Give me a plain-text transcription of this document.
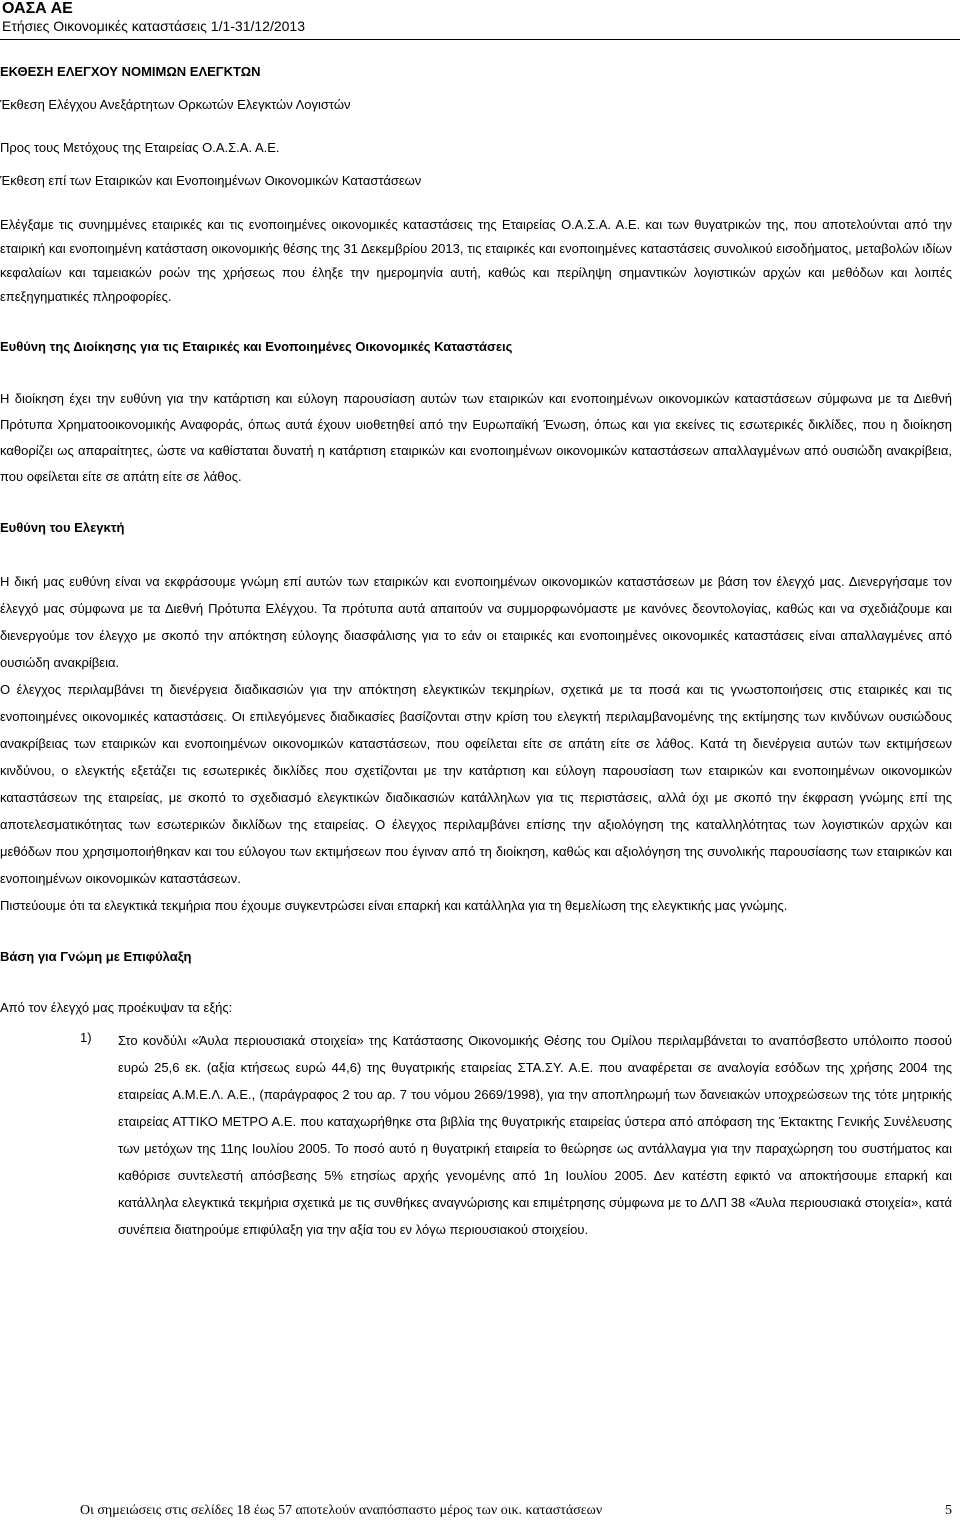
ΟΑΣΑ ΑΕ
Ετήσιες Οικονομικές καταστάσεις 1/1-31/12/2013

ΕΚΘΕΣΗ ΕΛΕΓΧΟΥ ΝΟΜΙΜΩΝ ΕΛΕΓΚΤΩΝ

Έκθεση Ελέγχου Ανεξάρτητων Ορκωτών Ελεγκτών Λογιστών

Προς τους Μετόχους της Εταιρείας Ο.Α.Σ.Α. Α.Ε.

Έκθεση επί των Εταιρικών και Ενοποιημένων Οικονομικών Καταστάσεων

Ελέγξαμε τις συνημμένες εταιρικές και τις ενοποιημένες οικονομικές καταστάσεις της Εταιρείας Ο.Α.Σ.Α. Α.Ε. και των θυγατρικών της, που αποτελούνται από την εταιρική και ενοποιημένη κατάσταση οικονομικής θέσης της 31 Δεκεμβρίου 2013, τις εταιρικές και ενοποιημένες καταστάσεις συνολικού εισοδήματος, μεταβολών ιδίων κεφαλαίων και ταμειακών ροών της χρήσεως που έληξε την ημερομηνία αυτή, καθώς και περίληψη σημαντικών λογιστικών αρχών και μεθόδων και λοιπές επεξηγηματικές πληροφορίες.

Ευθύνη της Διοίκησης για τις Εταιρικές και Ενοποιημένες Οικονομικές Καταστάσεις

Η διοίκηση έχει την ευθύνη για την κατάρτιση και εύλογη παρουσίαση αυτών των εταιρικών και ενοποιημένων οικονομικών καταστάσεων σύμφωνα με τα Διεθνή Πρότυπα Χρηματοοικονομικής Αναφοράς, όπως αυτά έχουν υιοθετηθεί από την Ευρωπαϊκή Ένωση, όπως και για εκείνες τις εσωτερικές δικλίδες, που η διοίκηση καθορίζει ως απαραίτητες, ώστε να καθίσταται δυνατή η κατάρτιση εταιρικών και ενοποιημένων οικονομικών καταστάσεων απαλλαγμένων από ουσιώδη ανακρίβεια, που οφείλεται είτε σε απάτη είτε σε λάθος.

Ευθύνη του Ελεγκτή

Η δική μας ευθύνη είναι να εκφράσουμε γνώμη επί αυτών των εταιρικών και ενοποιημένων οικονομικών καταστάσεων με βάση τον έλεγχό μας. Διενεργήσαμε τον έλεγχό μας σύμφωνα με τα Διεθνή Πρότυπα Ελέγχου. Τα πρότυπα αυτά απαιτούν να συμμορφωνόμαστε με κανόνες δεοντολογίας, καθώς και να σχεδιάζουμε και διενεργούμε τον έλεγχο με σκοπό την απόκτηση εύλογης διασφάλισης για το εάν οι εταιρικές και ενοποιημένες οικονομικές καταστάσεις είναι απαλλαγμένες από ουσιώδη ανακρίβεια.

Ο έλεγχος περιλαμβάνει τη διενέργεια διαδικασιών για την απόκτηση ελεγκτικών τεκμηρίων, σχετικά με τα ποσά και τις γνωστοποιήσεις στις εταιρικές και τις ενοποιημένες οικονομικές καταστάσεις. Οι επιλεγόμενες διαδικασίες βασίζονται στην κρίση του ελεγκτή περιλαμβανομένης της εκτίμησης των κινδύνων ουσιώδους ανακρίβειας των εταιρικών και ενοποιημένων οικονομικών καταστάσεων, που οφείλεται είτε σε απάτη είτε σε λάθος. Κατά τη διενέργεια αυτών των εκτιμήσεων κινδύνου, ο ελεγκτής εξετάζει τις εσωτερικές δικλίδες που σχετίζονται με την κατάρτιση και εύλογη παρουσίαση των εταιρικών και ενοποιημένων οικονομικών καταστάσεων της εταιρείας, με σκοπό το σχεδιασμό ελεγκτικών διαδικασιών κατάλληλων για τις περιστάσεις, αλλά όχι με σκοπό την έκφραση γνώμης επί της αποτελεσματικότητας των εσωτερικών δικλίδων της εταιρείας. Ο έλεγχος περιλαμβάνει επίσης την αξιολόγηση της καταλληλότητας των λογιστικών αρχών και μεθόδων που χρησιμοποιήθηκαν και του εύλογου των εκτιμήσεων που έγιναν από τη διοίκηση, καθώς και αξιολόγηση της συνολικής παρουσίασης των εταιρικών και ενοποιημένων οικονομικών καταστάσεων.

Πιστεύουμε ότι τα ελεγκτικά τεκμήρια που έχουμε συγκεντρώσει είναι επαρκή και κατάλληλα για τη θεμελίωση της ελεγκτικής μας γνώμης.

Βάση για Γνώμη με Επιφύλαξη

Από τον έλεγχό μας προέκυψαν τα εξής:

1) Στο κονδύλι «Άυλα περιουσιακά στοιχεία» της Κατάστασης Οικονομικής Θέσης του Ομίλου περιλαμβάνεται το αναπόσβεστο υπόλοιπο ποσού ευρώ 25,6 εκ. (αξία κτήσεως ευρώ 44,6) της θυγατρικής εταιρείας ΣΤΑ.ΣΥ. Α.Ε. που αναφέρεται σε αναλογία εσόδων της χρήσης 2004 της εταιρείας Α.Μ.Ε.Λ. Α.Ε., (παράγραφος 2 του αρ. 7 του νόμου 2669/1998), για την αποπληρωμή των δανειακών υποχρεώσεων της τότε μητρικής εταιρείας ΑΤΤΙΚΟ ΜΕΤΡΟ Α.Ε. που καταχωρήθηκε στα βιβλία της θυγατρικής εταιρείας ύστερα από απόφαση της Έκτακτης Γενικής Συνέλευσης των μετόχων της 11ης Ιουλίου 2005. Το ποσό αυτό η θυγατρική εταιρεία το θεώρησε ως αντάλλαγμα για την παραχώρηση του συστήματος και καθόρισε συντελεστή απόσβεσης 5% ετησίως αρχής γενομένης από 1η Ιουλίου 2005. Δεν κατέστη εφικτό να αποκτήσουμε επαρκή και κατάλληλα ελεγκτικά τεκμήρια σχετικά με τις συνθήκες αναγνώρισης και επιμέτρησης σύμφωνα με το ΔΛΠ 38 «Άυλα περιουσιακά στοιχεία», κατά συνέπεια διατηρούμε επιφύλαξη για την αξία του εν λόγω περιουσιακού στοιχείου.

Οι σημειώσεις στις σελίδες 18 έως 57 αποτελούν αναπόσπαστο μέρος των οικ. καταστάσεων	5
